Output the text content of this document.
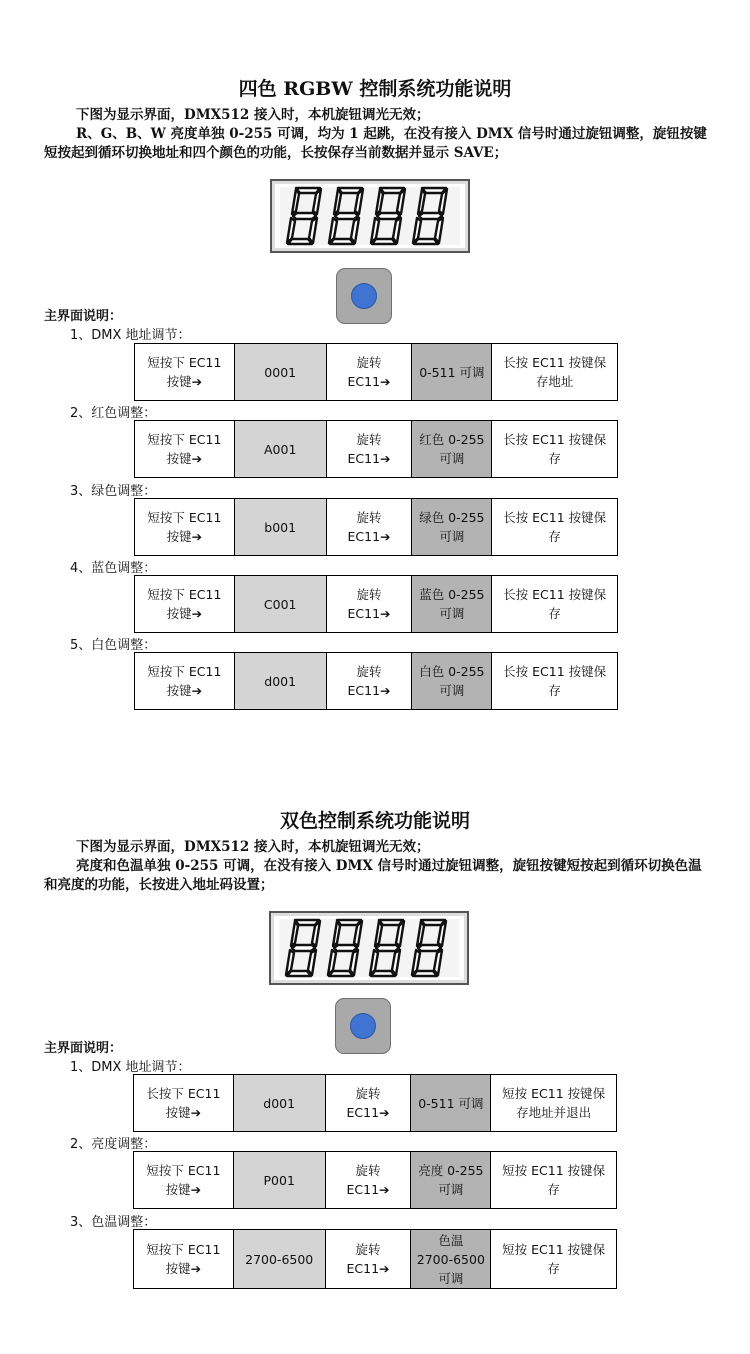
四色 RGBW 控制系统功能说明

下图为显示界面，DMX512 接入时，本机旋钮调光无效；

R、G、B、W 亮度单独 0-255 可调，均为 1 起跳，在没有接入 DMX 信号时通过旋钮调整，旋钮按键短按起到循环切换地址和四个颜色的功能，长按保存当前数据并显示 SAVE；

主界面说明：
1、DMX 地址调节：
短按下 EC11
按键➔
0001
旋转
EC11➔
0-511 可调
长按 EC11 按键保
存地址
2、红色调整：
短按下 EC11
按键➔
A001
旋转
EC11➔
红色 0-255
可调
长按 EC11 按键保
存
3、绿色调整：
短按下 EC11
按键➔
b001
旋转
EC11➔
绿色 0-255
可调
长按 EC11 按键保
存
4、蓝色调整：
短按下 EC11
按键➔
C001
旋转
EC11➔
蓝色 0-255
可调
长按 EC11 按键保
存
5、白色调整：
短按下 EC11
按键➔
d001
旋转
EC11➔
白色 0-255
可调
长按 EC11 按键保
存
双色控制系统功能说明

下图为显示界面，DMX512 接入时，本机旋钮调光无效；

亮度和色温单独 0-255 可调，在没有接入 DMX 信号时通过旋钮调整，旋钮按键短按起到循环切换色温和亮度的功能，长按进入地址码设置；

主界面说明：
1、DMX 地址调节：
长按下 EC11
按键➔
d001
旋转
EC11➔
0-511 可调
短按 EC11 按键保
存地址并退出
2、亮度调整：
短按下 EC11
按键➔
P001
旋转
EC11➔
亮度 0-255
可调
短按 EC11 按键保
存
3、色温调整：
短按下 EC11
按键➔
2700-6500
旋转
EC11➔
色温
2700-6500
可调
短按 EC11 按键保
存
